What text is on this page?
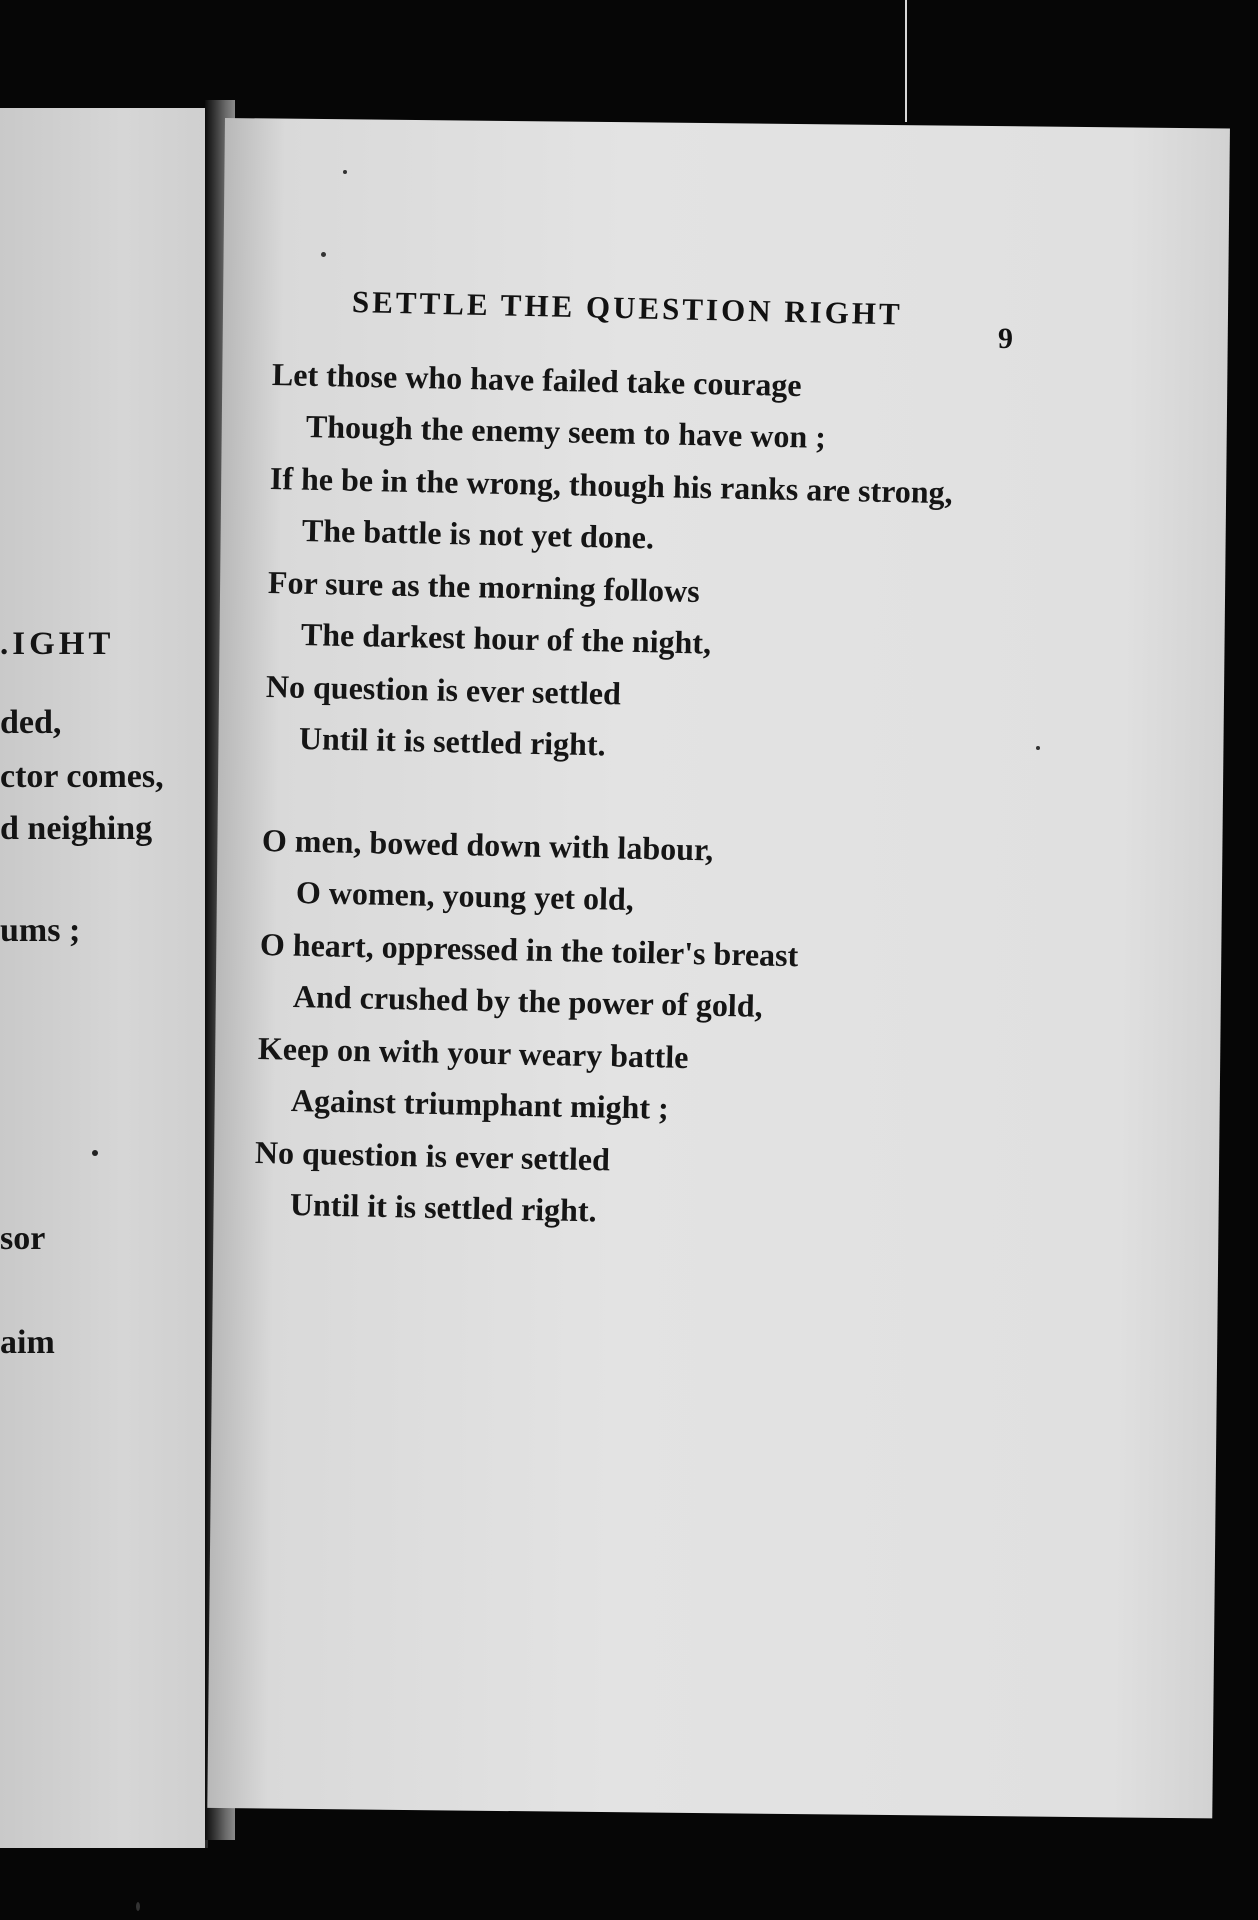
.IGHT
ded,
ctor comes,
d neighing
ums ;
sor
aim
SETTLE THE QUESTION RIGHT
9
Let those who have failed take courage
Though the enemy seem to have won ;
If he be in the wrong, though his ranks are strong,
The battle is not yet done.
For sure as the morning follows
The darkest hour of the night,
No question is ever settled
Until it is settled right.
O men, bowed down with labour,
O women, young yet old,
O heart, oppressed in the toiler's breast
And crushed by the power of gold,
Keep on with your weary battle
Against triumphant might ;
No question is ever settled
Until it is settled right.
